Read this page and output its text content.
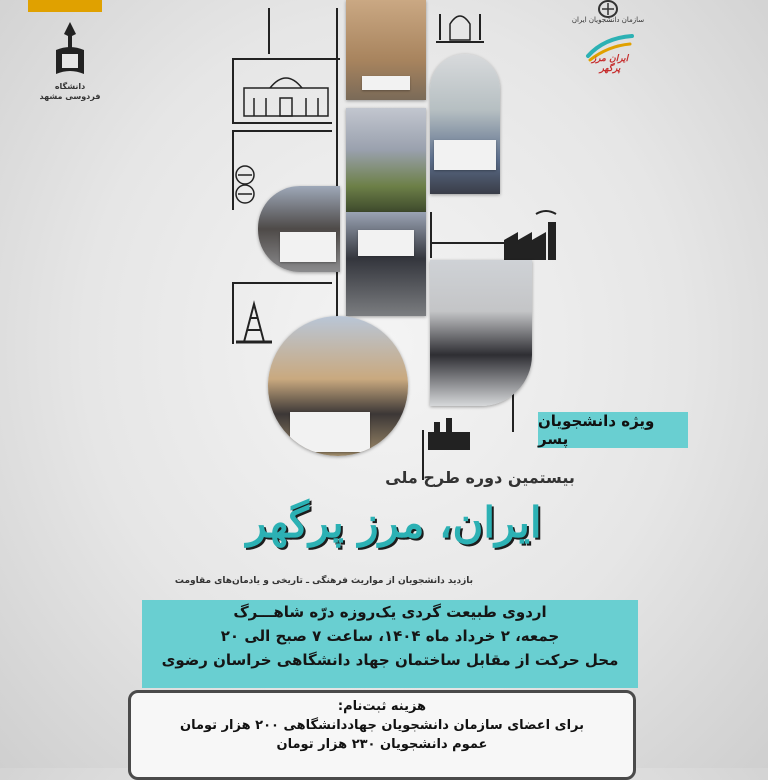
دانشگاه فردوسی مشهد
سازمان دانشجویان ایران
ایران مرز پرگهر
ویژه دانشجویان پسر
بیستمین دوره طرح ملی
ایران، مرز پرگهر
بازدید دانشجویان از مواریث فرهنگی ـ تاریخی و یادمان‌های مقاومت
اردوی طبیعت گردی یک‌روزه درّه شاهـــرگ
جمعه، ۲ خرداد ماه ۱۴۰۴، ساعت ۷ صبح الی ۲۰
محل حرکت از مقابل ساختمان جهاد دانشگاهی خراسان رضوی
هزینه ثبت‌نام:
برای اعضای سازمان دانشجویان جهاددانشگاهی ۲۰۰ هزار تومان
عموم دانشجویان ۲۳۰ هزار تومان
